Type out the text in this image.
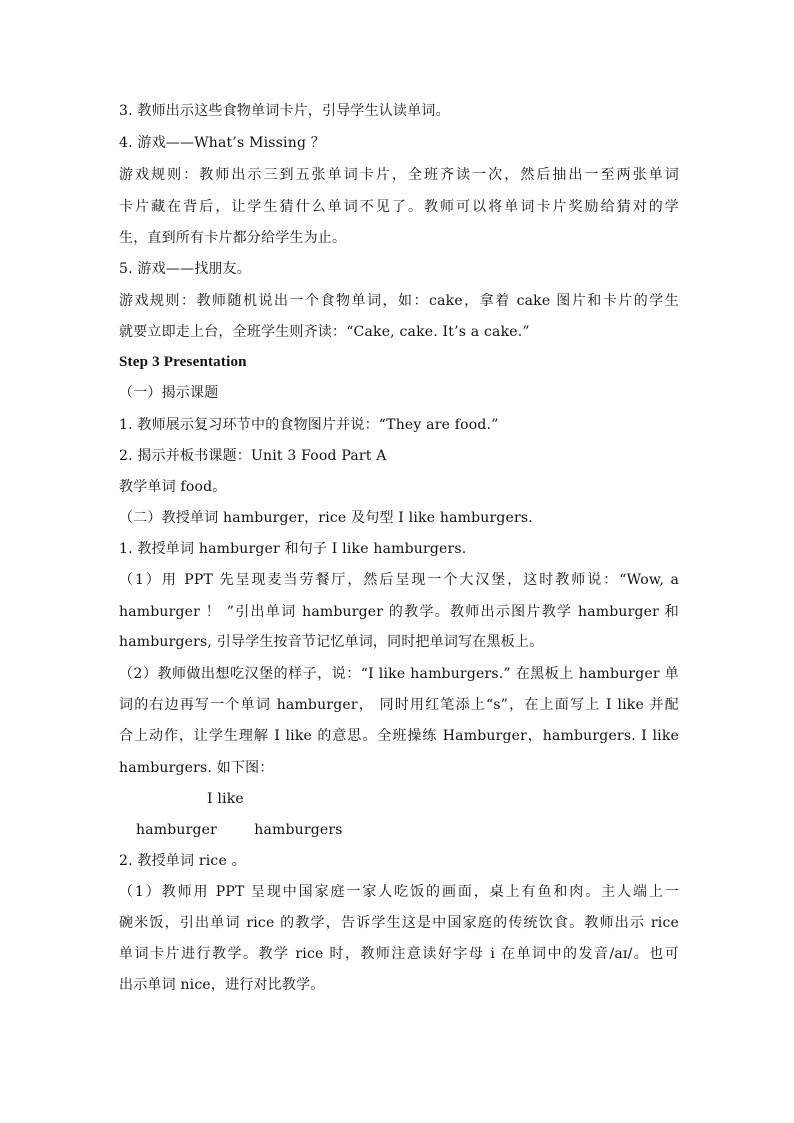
3. 教师出示这些食物单词卡片，引导学生认读单词。
4. 游戏——What’s Missing ？
游戏规则：教师出示三到五张单词卡片，全班齐读一次，然后抽出一至两张单词
卡片藏在背后，让学生猜什么单词不见了。教师可以将单词卡片奖励给猜对的学
生，直到所有卡片都分给学生为止。
5. 游戏——找朋友。
游戏规则：教师随机说出一个食物单词，如：cake，拿着 cake 图片和卡片的学生
就要立即走上台，全班学生则齐读：“Cake, cake. It’s a cake.”
Step 3 Presentation
（一）揭示课题
1. 教师展示复习环节中的食物图片并说：“They are food.”
2. 揭示并板书课题：Unit 3 Food Part A
教学单词 food。
（二）教授单词 hamburger，rice 及句型 I like hamburgers.
1. 教授单词 hamburger 和句子 I like hamburgers.
（1）用 PPT 先呈现麦当劳餐厅，然后呈现一个大汉堡，这时教师说：“Wow, a
hamburger ！ ”引出单词 hamburger 的教学。教师出示图片教学 hamburger 和
hamburgers, 引导学生按音节记忆单词，同时把单词写在黑板上。
（2）教师做出想吃汉堡的样子，说：“I like hamburgers.” 在黑板上 hamburger 单
词的右边再写一个单词 hamburger， 同时用红笔添上“s”，在上面写上 I like 并配
合上动作，让学生理解 I like 的意思。全班操练 Hamburger，hamburgers. I like
hamburgers. 如下图：
I like
hamburger        hamburgers
2. 教授单词 rice 。
（1）教师用 PPT 呈现中国家庭一家人吃饭的画面，桌上有鱼和肉。主人端上一
碗米饭，引出单词 rice 的教学，告诉学生这是中国家庭的传统饮食。教师出示 rice
单词卡片进行教学。教学 rice 时，教师注意读好字母 i 在单词中的发音/aɪ/。也可
出示单词 nice，进行对比教学。
